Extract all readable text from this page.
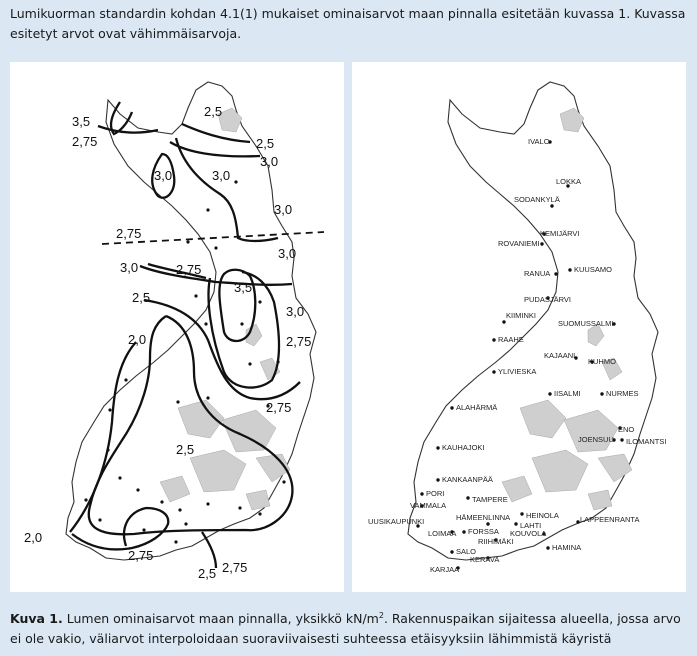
Lumikuorman standardin kohdan 4.1(1) mukaiset ominaisarvot maan pinnalla esitetään kuvassa 1. Kuvassa esitetyt arvot ovat vähimmäisarvoja.
3,5
2,75
2,5
2,5
3,0
3,0	3,0
2,75
3,0
3,0
3,0	2,75
3,5
2,5
3,0
2,0	2,75
2,75
2,5
2,0
2,75
2,5 2,75
IVALO
LOKKA
SODANKYLÄ
KEMIJÄRVI
ROVANIEMI
RANUA	KUUSAMO
PUDASJÄRVI
KIIMINKI
SUOMUSSALMI
RAAHE
KAJAANI
KUHMO
YLIVIESKA
IISALMI	NURMES
ALAHÄRMÄ
ENO
JOENSUU ILOMANTSI
KAUHAJOKI
KANKAANPÄÄ
PORI
TAMPERE
VAMMALA
HEINOLA
HÄMEENLINNA
UUSIKAUPUNKI	LAHTI
LAPPEENRANTA
LOIMAA FORSSA KOUVOLA
RIIHIMÄKI
HAMINA
SALO
KERAVA
KARJAA
Kuva 1. Lumen ominaisarvot maan pinnalla, yksikkö $kN/m^2$. Rakennuspaikan sijaitessa alueella, jossa arvo ei ole vakio, väliarvot interpoloidaan suoraviivaisesti suhteessa etäisyyksiin lähimmistä käyristä
